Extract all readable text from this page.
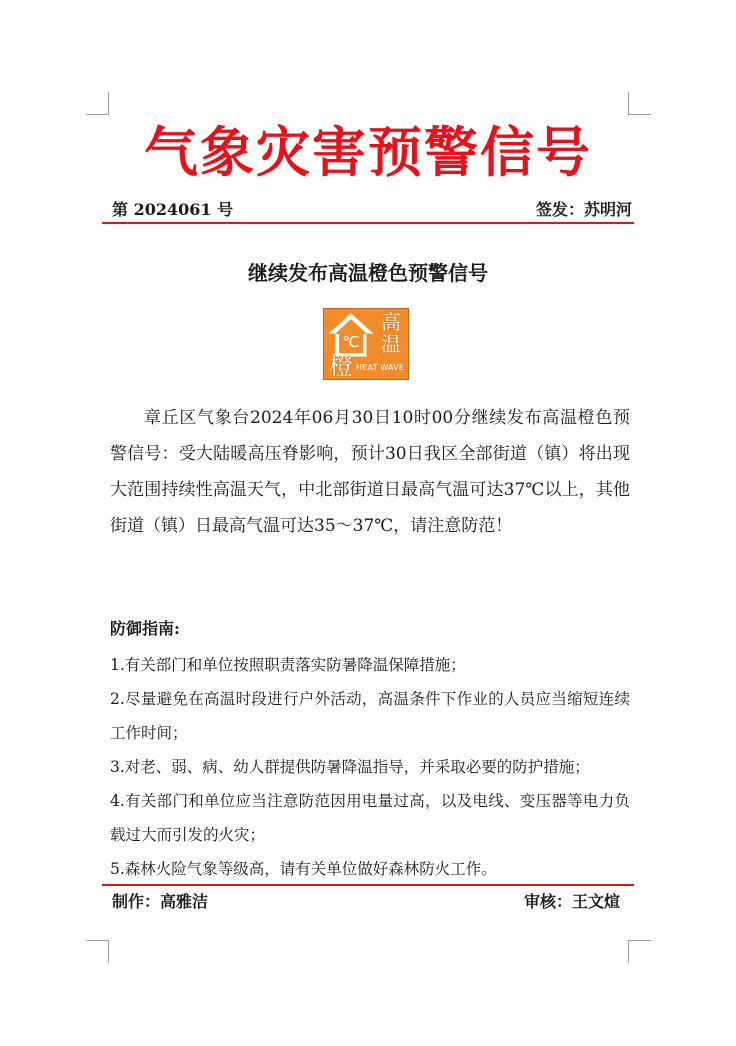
气象灾害预警信号
第 2024061 号	签发：苏明河
继续发布高温橙色预警信号
℃
高
温
橙 HEAT WAVE
章丘区气象台2024年06月30日10时00分继续发布高温橙色预警信号：受大陆暖高压脊影响，预计30日我区全部街道（镇）将出现大范围持续性高温天气，中北部街道日最高气温可达37℃以上，其他街道（镇）日最高气温可达35～37℃，请注意防范！
防御指南:
1.有关部门和单位按照职责落实防暑降温保障措施；
2.尽量避免在高温时段进行户外活动，高温条件下作业的人员应当缩短连续工作时间；
3.对老、弱、病、幼人群提供防暑降温指导，并采取必要的防护措施；
4.有关部门和单位应当注意防范因用电量过高，以及电线、变压器等电力负载过大而引发的火灾；
5.森林火险气象等级高，请有关单位做好森林防火工作。
制作：高雅洁	审核：王文煊
